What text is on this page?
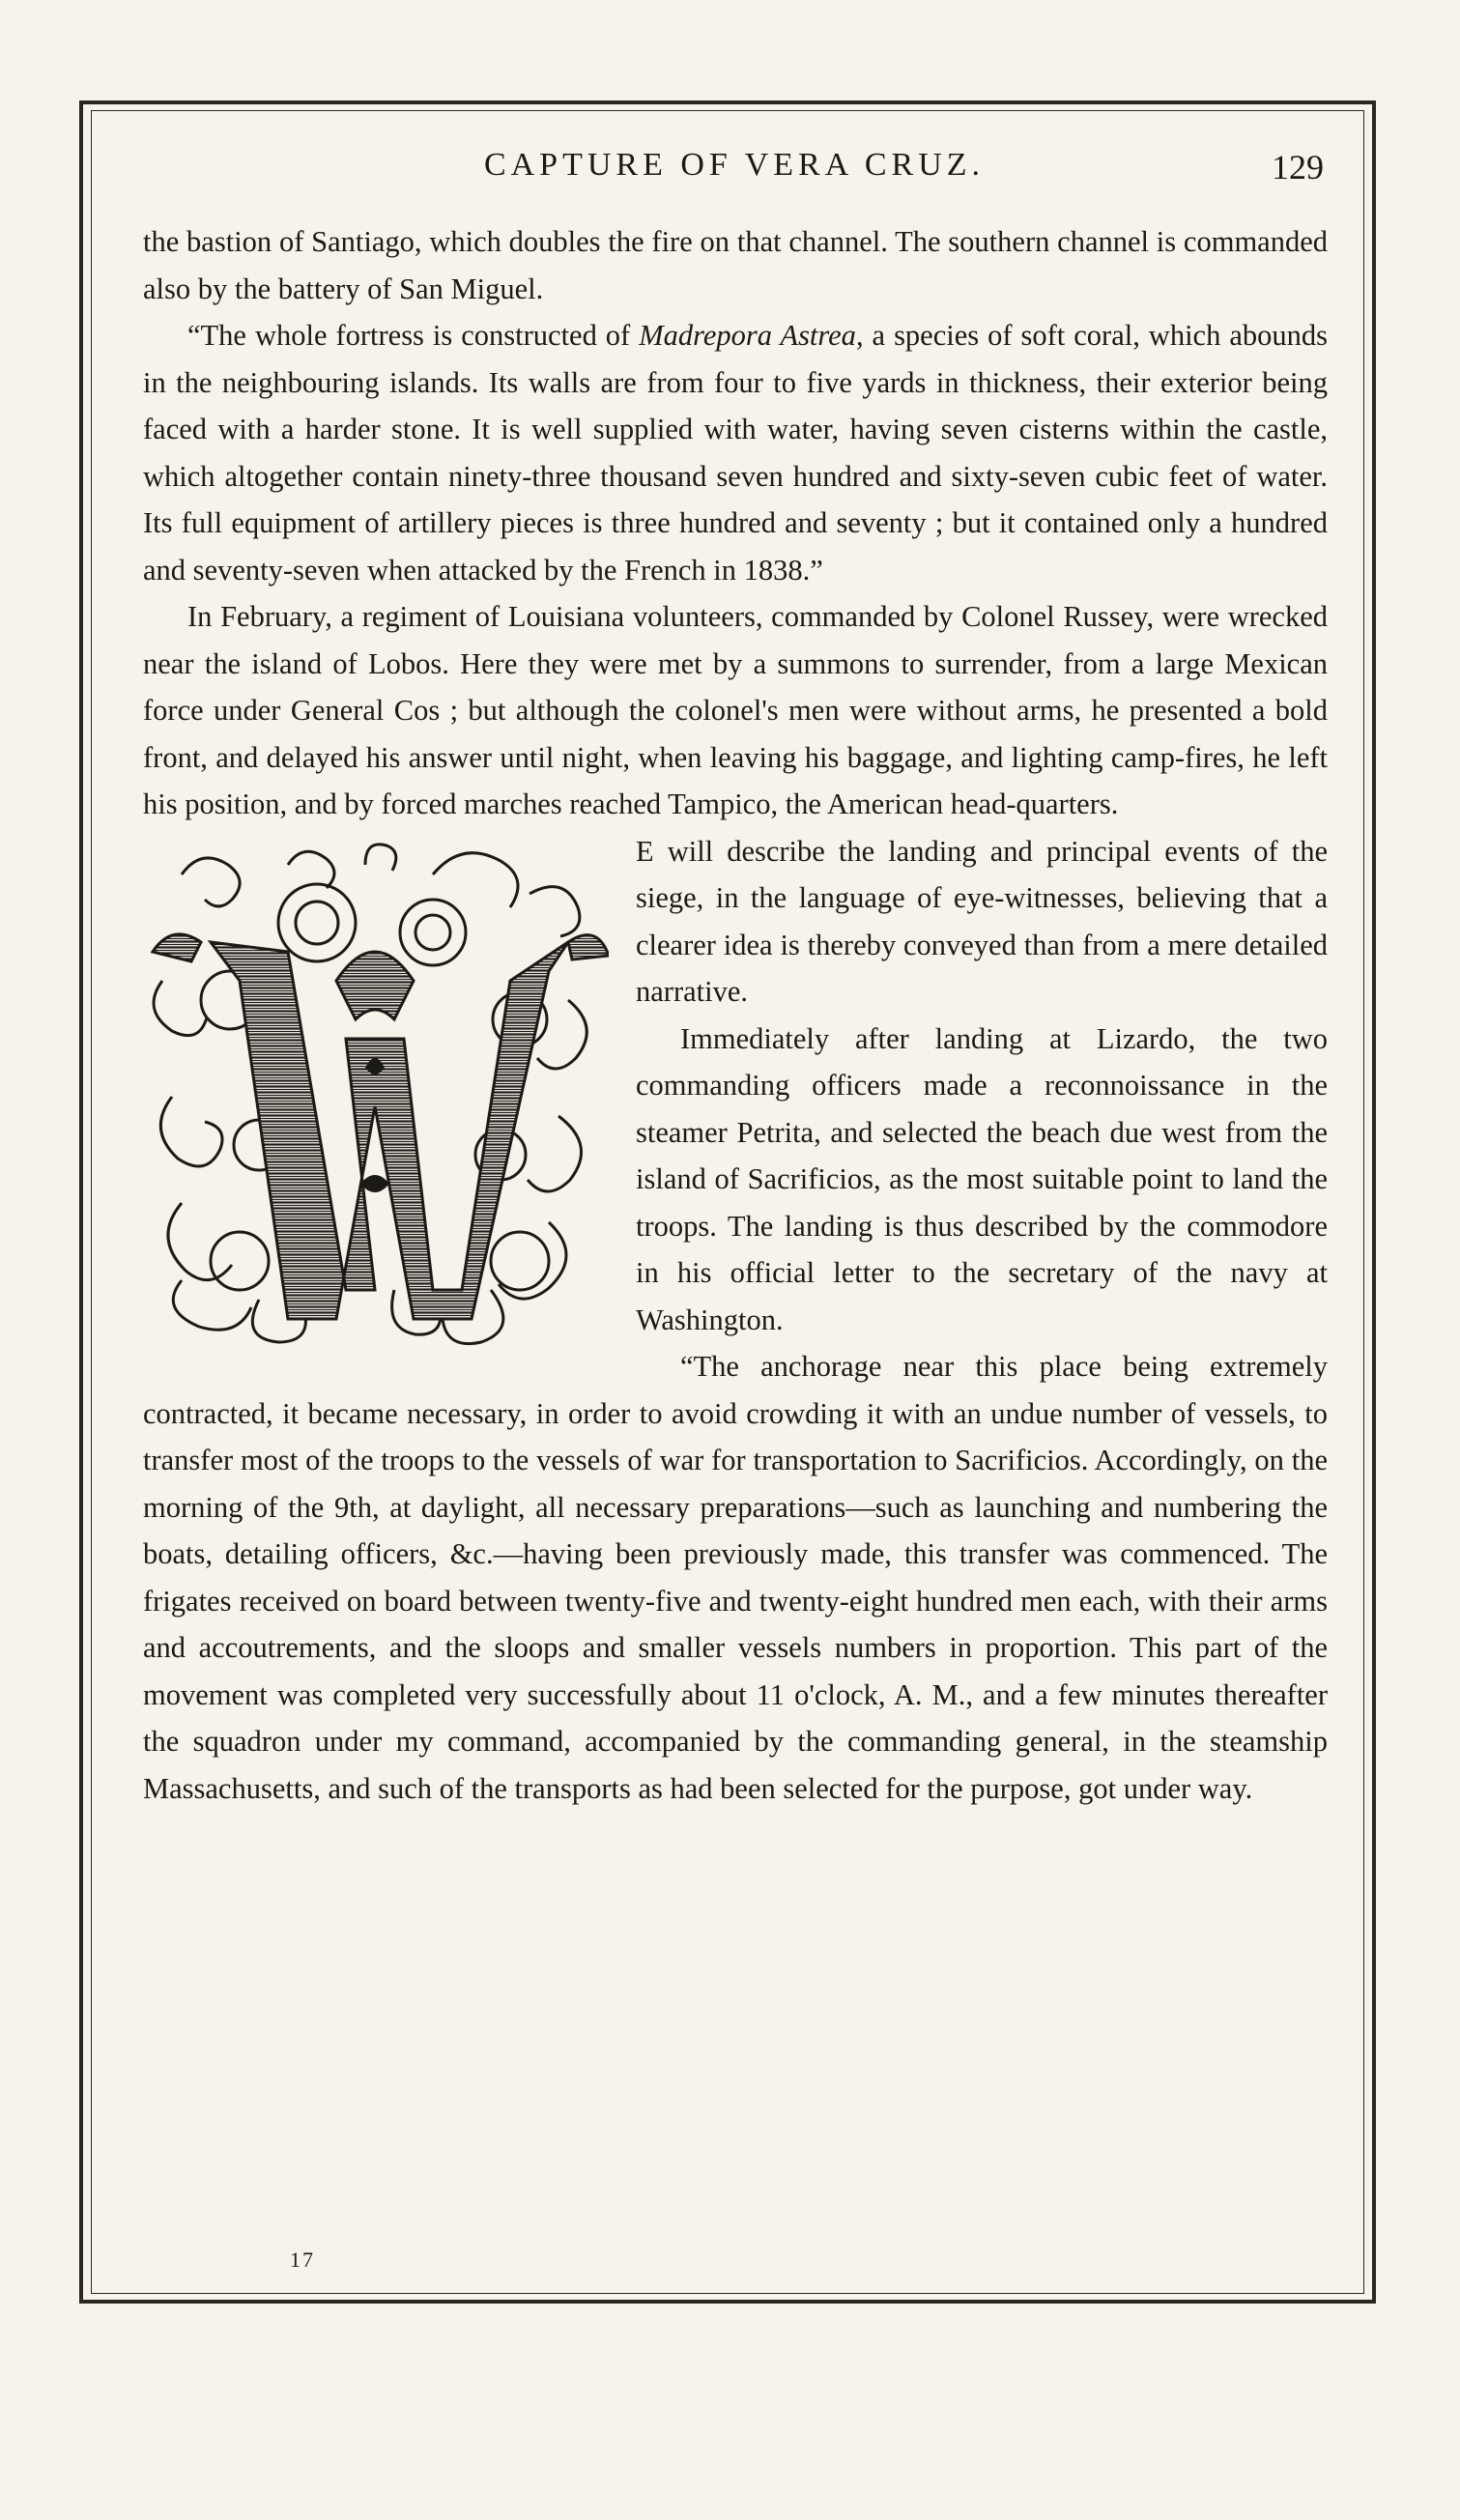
CAPTURE OF VERA CRUZ.	129

the bastion of Santiago, which doubles the fire on that channel. The southern channel is commanded also by the battery of San Miguel.

“The whole fortress is constructed of Madrepora Astrea, a species of soft coral, which abounds in the neighbouring islands. Its walls are from four to five yards in thickness, their exterior being faced with a harder stone. It is well supplied with water, having seven cisterns within the castle, which altogether contain ninety-three thousand seven hundred and sixty-seven cubic feet of water. Its full equipment of artillery pieces is three hundred and seventy ; but it contained only a hundred and seventy-seven when attacked by the French in 1838.”

In February, a regiment of Louisiana volunteers, commanded by Colonel Russey, were wrecked near the island of Lobos. Here they were met by a summons to surrender, from a large Mexican force under General Cos ; but although the colonel's men were without arms, he presented a bold front, and delayed his answer until night, when leaving his baggage, and lighting camp-fires, he left his position, and by forced marches reached Tampico, the American head-quarters.

E will describe the landing and principal events of the siege, in the language of eye-witnesses, believing that a clearer idea is thereby conveyed than from a mere detailed narrative.

Immediately after landing at Lizardo, the two commanding officers made a reconnoissance in the steamer Petrita, and selected the beach due west from the island of Sacrificios, as the most suitable point to land the troops. The landing is thus described by the commodore in his official letter to the secretary of the navy at Washington.

“The anchorage near this place being extremely contracted, it became necessary, in order to avoid crowding it with an undue number of vessels, to transfer most of the troops to the vessels of war for transportation to Sacrificios. Accordingly, on the morning of the 9th, at daylight, all necessary preparations—such as launching and numbering the boats, detailing officers, &c.—having been previously made, this transfer was commenced. The frigates received on board between twenty-five and twenty-eight hundred men each, with their arms and accoutrements, and the sloops and smaller vessels numbers in proportion. This part of the movement was completed very successfully about 11 o'clock, A. M., and a few minutes thereafter the squadron under my command, accompanied by the commanding general, in the steamship Massachusetts, and such of the transports as had been selected for the purpose, got under way.

17
